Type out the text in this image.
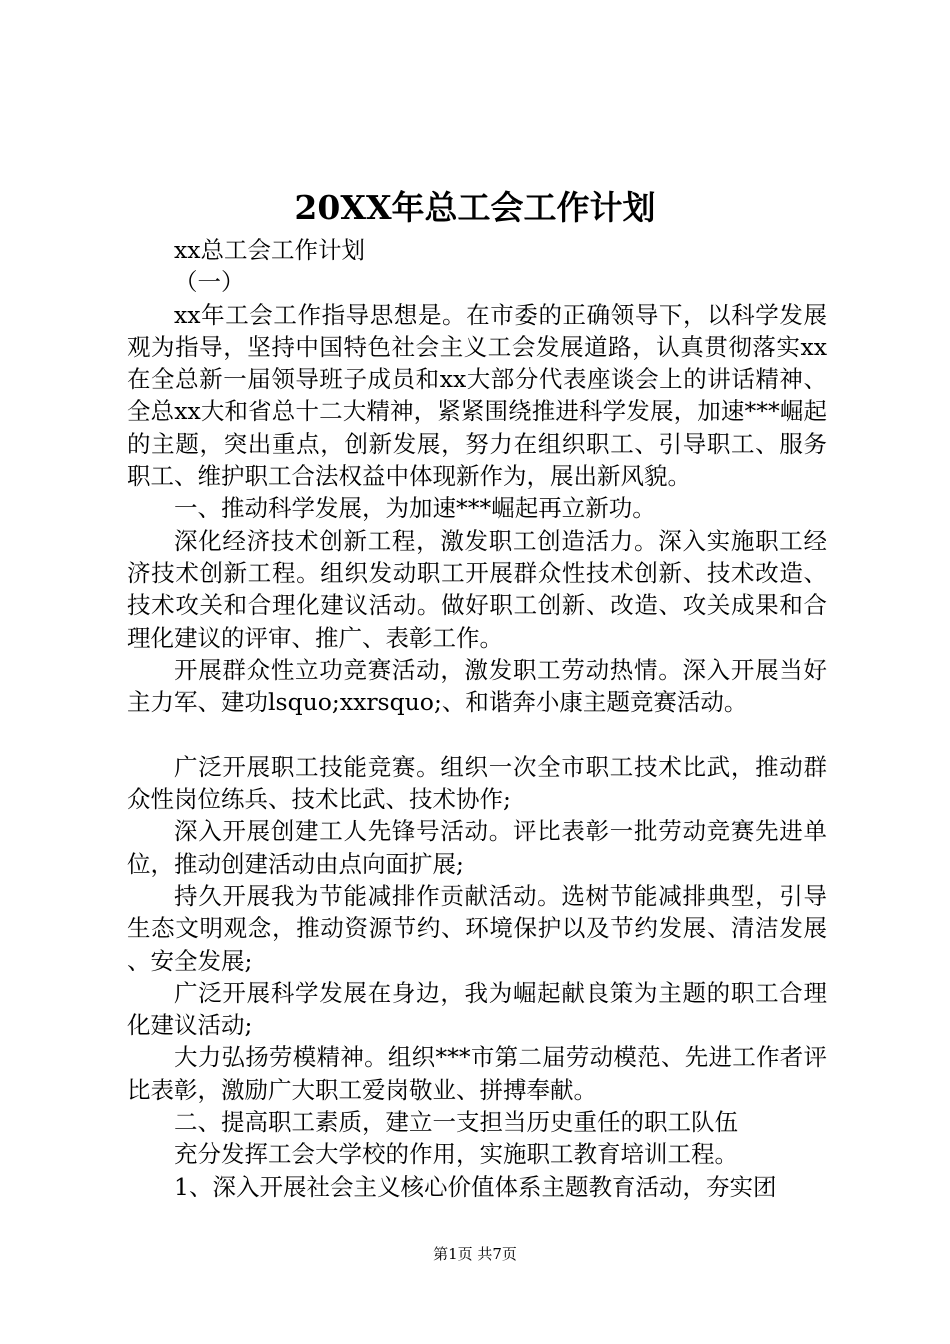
20XX年总工会工作计划

xx总工会工作计划

（一）

xx年工会工作指导思想是。在市委的正确领导下，以科学发展观为指导，坚持中国特色社会主义工会发展道路，认真贯彻落实xx在全总新一届领导班子成员和xx大部分代表座谈会上的讲话精神、全总xx大和省总十二大精神，紧紧围绕推进科学发展，加速***崛起的主题，突出重点，创新发展，努力在组织职工、引导职工、服务职工、维护职工合法权益中体现新作为，展出新风貌。

一、推动科学发展，为加速***崛起再立新功。

深化经济技术创新工程，激发职工创造活力。深入实施职工经济技术创新工程。组织发动职工开展群众性技术创新、技术改造、技术攻关和合理化建议活动。做好职工创新、改造、攻关成果和合理化建议的评审、推广、表彰工作。

开展群众性立功竞赛活动，激发职工劳动热情。深入开展当好主力军、建功lsquo;xxrsquo;、和谐奔小康主题竞赛活动。

广泛开展职工技能竞赛。组织一次全市职工技术比武，推动群众性岗位练兵、技术比武、技术协作;

深入开展创建工人先锋号活动。评比表彰一批劳动竞赛先进单位，推动创建活动由点向面扩展;

持久开展我为节能减排作贡献活动。选树节能减排典型，引导生态文明观念，推动资源节约、环境保护以及节约发展、清洁发展、安全发展;

广泛开展科学发展在身边，我为崛起献良策为主题的职工合理化建议活动;

大力弘扬劳模精神。组织***市第二届劳动模范、先进工作者评比表彰，激励广大职工爱岗敬业、拼搏奉献。

二、提高职工素质，建立一支担当历史重任的职工队伍

充分发挥工会大学校的作用，实施职工教育培训工程。

1、深入开展社会主义核心价值体系主题教育活动，夯实团

第1页 共7页
